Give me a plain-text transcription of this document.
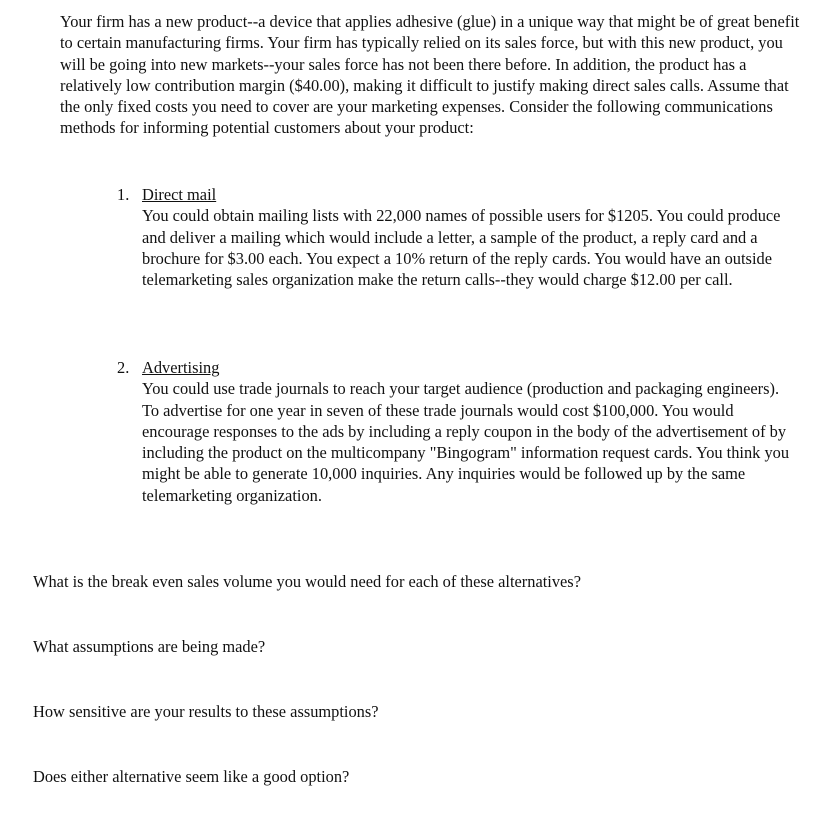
Your firm has a new product--a device that applies adhesive (glue) in a unique way that might be of great benefit to certain manufacturing firms. Your firm has typically relied on its sales force, but with this new product, you will be going into new markets--your sales force has not been there before. In addition, the product has a relatively low contribution margin ($40.00), making it difficult to justify making direct sales calls. Assume that the only fixed costs you need to cover are your marketing expenses. Consider the following communications methods for informing potential customers about your product:

1. Direct mail

You could obtain mailing lists with 22,000 names of possible users for $1205. You could produce and deliver a mailing which would include a letter, a sample of the product, a reply card and a brochure for $3.00 each. You expect a 10% return of the reply cards. You would have an outside telemarketing sales organization make the return calls--they would charge $12.00 per call.

2. Advertising

You could use trade journals to reach your target audience (production and packaging engineers). To advertise for one year in seven of these trade journals would cost $100,000. You would encourage responses to the ads by including a reply coupon in the body of the advertisement of by including the product on the multicompany "Bingogram" information request cards. You think you might be able to generate 10,000 inquiries. Any inquiries would be followed up by the same telemarketing organization.

What is the break even sales volume you would need for each of these alternatives?

What assumptions are being made?

How sensitive are your results to these assumptions?

Does either alternative seem like a good option?
